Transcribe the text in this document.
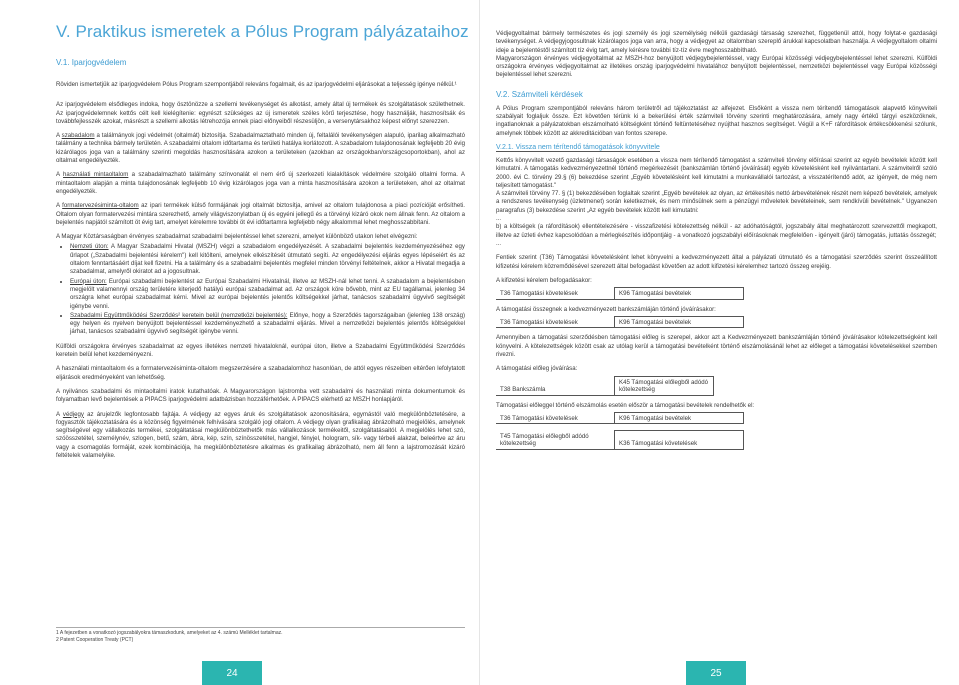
V. Praktikus ismeretek a Pólus Program pályázataihoz
V.1. Iparjogvédelem

Röviden ismertetjük az iparjogvédelem Pólus Program szempontjából releváns fogalmait, és az iparjogvédelmi eljárásokat a teljesség igénye nélkül.¹

Az iparjogvédelem elsődleges indoka, hogy ösztönözze a szellemi tevékenységet és alkotást, amely által új termékek és szolgáltatások születhetnek. Az iparjogvédelemnek kettős célt kell kielégítenie: egyrészt szükséges az új ismeretek széles körű terjesztése, hogy használják, hasznosítsák és továbbfejlesszék azokat, másrészt a szellemi alkotás létrehozója ennek piaci előnyeiből részesüljön, a versenytársakhoz képest előnyt szerezzen.

A szabadalom a találmányok jogi védelmét (oltalmát) biztosítja. Szabadalmaztatható minden új, feltalálói tevékenységen alapuló, iparilag alkalmazható találmány a technika bármely területén. A szabadalmi oltalom időtartama és területi hatálya korlátozott. A szabadalom tulajdonosának legfeljebb 20 évig kizárólagos joga van a találmány szerinti megoldás hasznosítására azokon a területeken (azokban az országokban/országcsoportokban), ahol az oltalmat engedélyezték.

A használati mintaoltalom a szabadalmazható találmány színvonalát el nem érő új szerkezeti kialakítások védelmére szolgáló oltalmi forma. A mintaoltalom alapján a minta tulajdonosának legfeljebb 10 évig kizárólagos joga van a minta hasznosítására azokon a területeken, ahol az oltalmat engedélyezték.

A formatervezésiminta-oltalom az ipari termékek külső formájának jogi oltalmát biztosítja, amivel az oltalom tulajdonosa a piaci pozícióját erősítheti. Oltalom olyan formatervezési mintára szerezhető, amely világviszonylatban új és egyéni jellegű és a törvényi kizáró okok nem állnak fenn. Az oltalom a bejelentés napjától számított öt évig tart, amelyet kérelemre további öt évi időtartamra legfeljebb négy alkalommal lehet meghosszabbítani.

A Magyar Köztársaságban érvényes szabadalmat szabadalmi bejelentéssel lehet szerezni, amelyet különböző utakon lehet elvégezni:

• Nemzeti úton: A Magyar Szabadalmi Hivatal (MSZH) végzi a szabadalom engedélyezését. A szabadalmi bejelentés kezdeményezéséhez egy űrlapot („Szabadalmi bejelentési kérelem") kell kitölteni, amelynek elkészítését útmutató segíti. Az engedélyezési eljárás egyes lépéseiért és az oltalom fenntartásáért díjat kell fizetni. Ha a találmány és a szabadalmi bejelentés megfelel minden törvényi feltételnek, akkor a Hivatal megadja a szabadalmat, amelyről okiratot ad a jogosultnak.
• Európai úton: Európai szabadalmi bejelentést az Európai Szabadalmi Hivatalnál, illetve az MSZH-nál lehet tenni. A szabadalom a bejelentésben megjelölt valamennyi ország területére kiterjedő hatályú európai szabadalmat ad. Az országok köre bővebb, mint az EU tagállamai, jelenleg 34 országra lehet európai szabadalmat kérni. Mivel az európai bejelentés jelentős költségekkel járhat, tanácsos szabadalmi ügyvivő segítségét igénybe venni.
• Szabadalmi Együttműködési Szerződés² keretein belül (nemzetközi bejelentés): Előnye, hogy a Szerződés tagországaiban (jelenleg 138 ország) egy helyen és nyelven benyújtott bejelentéssel kezdeményezhető a szabadalmi eljárás. Mivel a nemzetközi bejelentés jelentős költségekkel járhat, tanácsos szabadalmi ügyvivő segítségét igénybe venni.

Külföldi országokra érvényes szabadalmat az egyes illetékes nemzeti hivataloknál, európai úton, illetve a Szabadalmi Együttműködési Szerződés keretein belül lehet kezdeményezni.

A használati mintaoltalom és a formatervezésiminta-oltalom megszerzésére a szabadalomhoz hasonlóan, de attól egyes részeiben eltérően lefolytatott eljárások eredményeként van lehetőség.

A nyilvános szabadalmi és mintaoltalmi iratok kutathatóak. A Magyarországon lajstromba vett szabadalmi és használati minta dokumentumok és folyamatban levő bejelentések a PIPACS iparjogvédelmi adatbázisban hozzáférhetőek. A PIPACS elérhető az MSZH honlapjáról.

A védjegy az árujelzők legfontosabb fajtája. A védjegy az egyes áruk és szolgáltatások azonosítására, egymástól való megkülönböztetésére, a fogyasztók tájékoztatására és a közönség figyelmének felhívására szolgáló jogi oltalom. A védjegy olyan grafikailag ábrázolható megjelölés, amelynek segítségével egy vállalkozás termékei, szolgáltatásai megkülönböztethetők más vállalkozások termékeitől, szolgáltatásaitól. A megjelölés lehet szó, szóösszetétel, személynév, szlogen, betű, szám, ábra, kép, szín, színösszetétel, hangjel, fényjel, hologram, sík- vagy térbeli alakzat, beleértve az áru vagy a csomagolás formáját, ezek kombinációja, ha megkülönböztetésre alkalmas és grafikailag ábrázolható, nem áll fenn a lajstromozását kizáró feltételek valamelyike.

1 A fejezetben a vonatkozó jogszabályokra támaszkodunk, amelyeket az 4. számú Melléklet tartalmaz.
2 Patent Cooperation Treaty (PCT)
24

Védjegyoltalmat bármely természetes és jogi személy és jogi személyiség nélküli gazdasági társaság szerezhet, függetlenül attól, hogy folytat-e gazdasági tevékenységet. A védjegyjogosultnak kizárólagos joga van arra, hogy a védjegyet az oltalomban szereplő árukkal kapcsolatban használja. A védjegyoltalom oltalmi ideje a bejelentéstől számított tíz évig tart, amely kérésre további tíz-tíz évre meghosszabbítható.

Magyarországon érvényes védjegyoltalmat az MSZH-hoz benyújtott védjegybejelentéssel, vagy Európai közösségi védjegybejelentéssel lehet szerezni. Külföldi országokra érvényes védjegyoltalmat az illetékes ország iparjogvédelmi hivatalához benyújtott bejelentéssel, nemzetközi bejelentéssel vagy Európai közösségi bejelentéssel lehet szerezni.

V.2. Számviteli kérdések

A Pólus Program szempontjából releváns három területről ad tájékoztatást az alfejezet. Elsőként a vissza nem térítendő támogatások alapvető könyvviteli szabályait foglaljuk össze. Ezt követően térünk ki a bekerülési érték számviteli törvény szerinti meghatározására, amely nagy értékű tárgyi eszközöknek, ingatlanoknak a pályázatokban elszámolható költségként történő feltüntetéséhez nyújthat hasznos segítséget. Végül a K+F ráfordítások értékcsökkenési szólunk, amelynek többek között az akkreditációban van fontos szerepe.

V.2.1. Vissza nem térítendő támogatások könyvvitele

Kettős könyvvitelt vezető gazdasági társaságok esetében a vissza nem térítendő támogatást a számviteli törvény előírásai szerint az egyéb bevételek között kell kimutatni. A támogatás kedvezményezettnél történő megérkezését (bankszámlán történő jóváírását) egyéb követelésként kell nyilvántartani. A számvitelről szóló 2000. évi C. törvény 29.§ (6) bekezdése szerint „Egyéb követelésként kell kimutatni a munkavállalói tartozást, a visszatérítendő adót, az igényelt, de még nem teljesített támogatást."

A számviteli törvény 77. § (1) bekezdésében foglaltak szerint „Egyéb bevételek az olyan, az értékesítés nettó árbevételének részét nem képező bevételek, amelyek a rendszeres tevékenység (üzletmenet) során keletkeznek, és nem minősülnek sem a pénzügyi műveletek bevételeinek, sem rendkívüli bevételnek." Ugyanezen paragrafus (3) bekezdése szerint „Az egyéb bevételek között kell kimutatni:

...

b) a költségek (a ráfordítások) ellentételezésére - visszafizetési kötelezettség nélkül - az adóhatóságtól, jogszabály által meghatározott szervezettől megkapott, illetve az üzleti évhez kapcsolódóan a mérlegkészítés időpontjáig - a vonatkozó jogszabályi előírásoknak megfelelően - igényelt (járó) támogatás, juttatás összegét;

...

Fentiek szerint (T36) Támogatási követelésként lehet könyvelni a kedvezményezett által a pályázati útmutató és a támogatási szerződés szerint összeállított kifizetési kérelem közremődésével szerezett által befogadást követően az adott kifizetési kérelemhez tartozó összeg erejéig.

A kifizetési kérelem befogadásakor:

T36 Támogatási követelések	K96 Támogatási bevételek

A támogatási összegnek a kedvezményezett bankszámláján történő jóváírásakor:

T36 Támogatási követelések	K96 Támogatási bevételek

Amennyiben a támogatási szerződésben támogatási előleg is szerepel, akkor azt a Kedvezményezett bankszámláján történő jóváírásakor kötelezettségként kell könyvelni. A kötelezettségek között csak az utólag kerül a támogatási bevételként történő elszámolásánál lehet az előleget a támogatási követelésekkel szemben rivezni.

A támogatási előleg jóváírása:

T38 Bankszámla	K45 Támogatási előlegből adódó kötelezettség

Támogatási előleggel történő elszámolás esetén először a támogatási bevételek rendelhetők el:

T36 Támogatási követelések	K96 Támogatási bevételek
T45 Támogatási előlegből adódó kötelezettség	K36 Támogatási követelések
25
